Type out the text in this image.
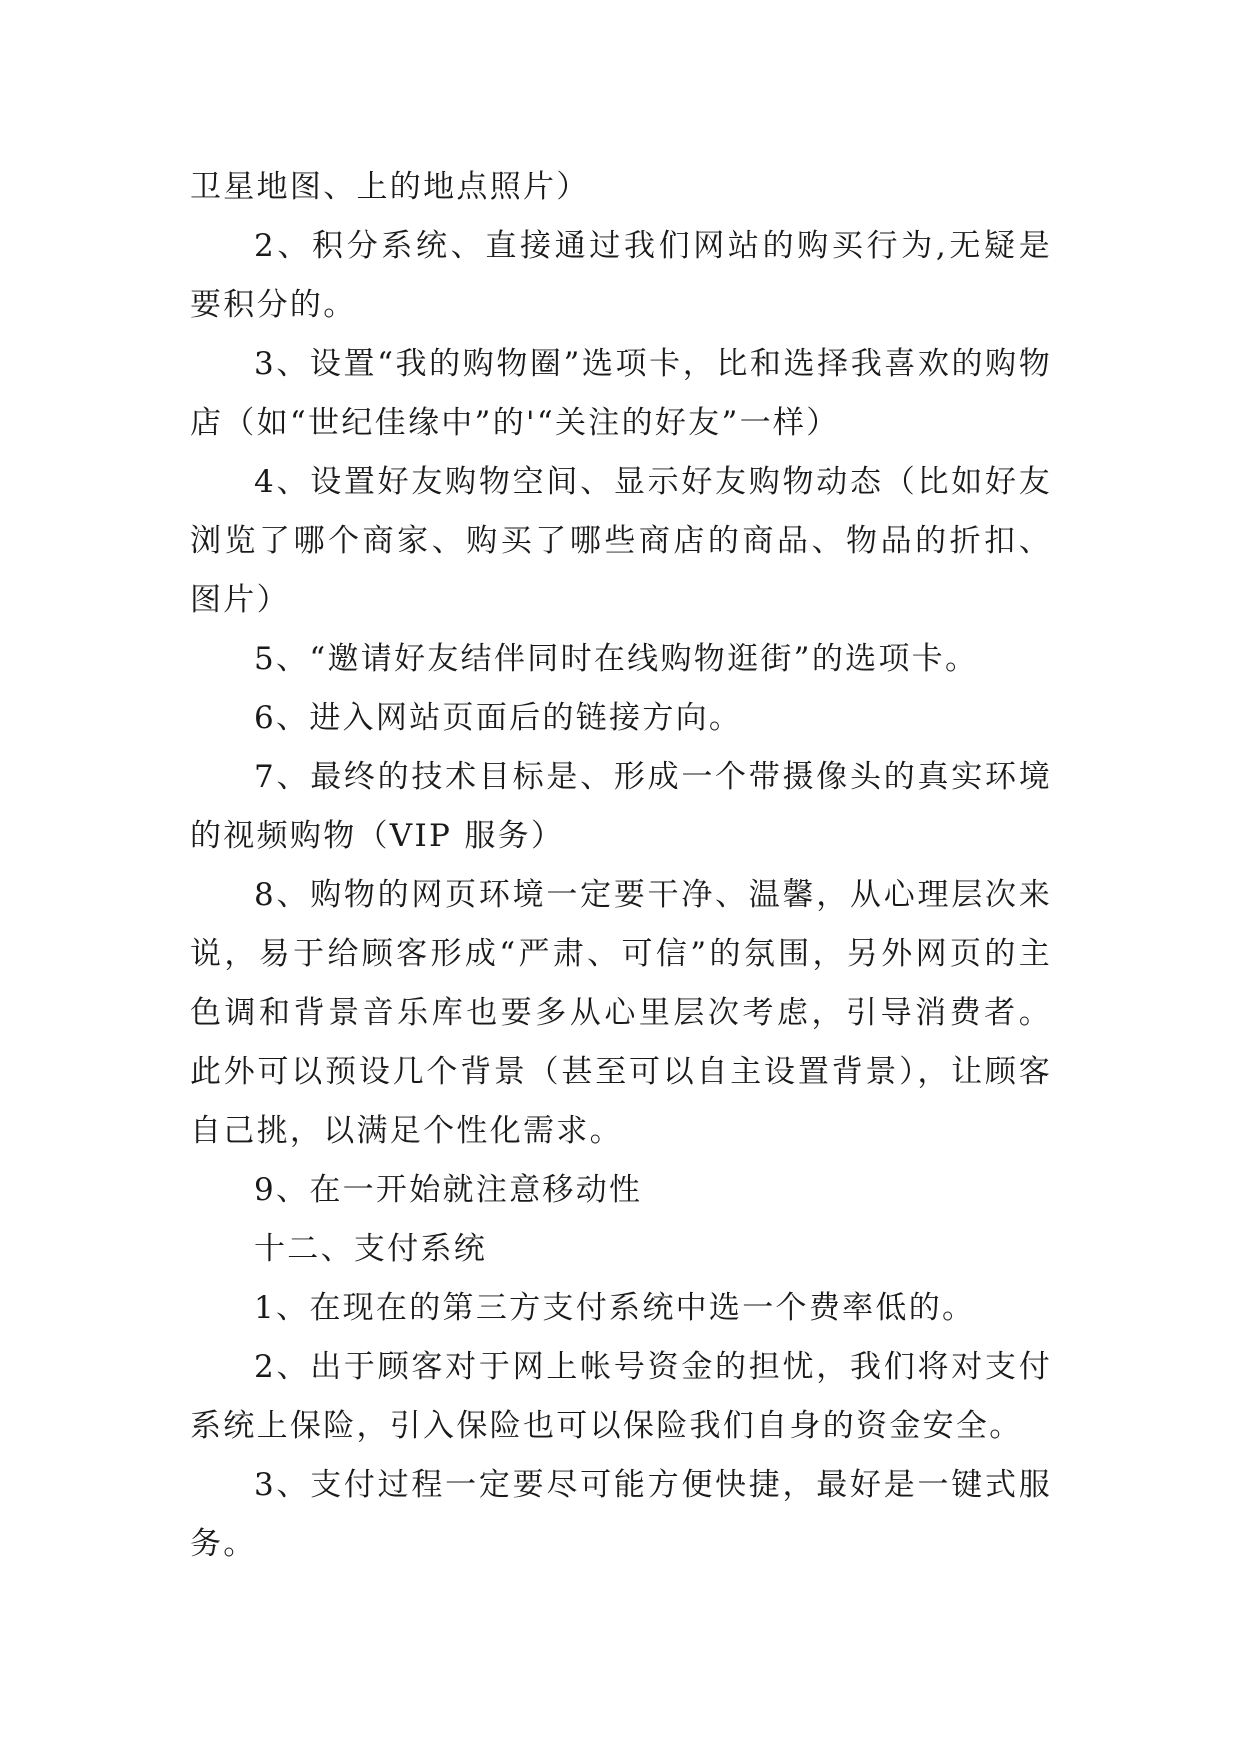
卫星地图、上的地点照片）

2、积分系统、直接通过我们网站的购买行为,无疑是要积分的。

3、设置“我的购物圈”选项卡，比和选择我喜欢的购物店（如“世纪佳缘中”的'“关注的好友”一样）

4、设置好友购物空间、显示好友购物动态（比如好友浏览了哪个商家、购买了哪些商店的商品、物品的折扣、图片）

5、“邀请好友结伴同时在线购物逛街”的选项卡。

6、进入网站页面后的链接方向。

7、最终的技术目标是、形成一个带摄像头的真实环境的视频购物（VIP 服务）

8、购物的网页环境一定要干净、温馨，从心理层次来说，易于给顾客形成“严肃、可信”的氛围，另外网页的主色调和背景音乐库也要多从心里层次考虑，引导消费者。此外可以预设几个背景（甚至可以自主设置背景），让顾客自己挑，以满足个性化需求。

9、在一开始就注意移动性

十二、支付系统

1、在现在的第三方支付系统中选一个费率低的。

2、出于顾客对于网上帐号资金的担忧，我们将对支付系统上保险，引入保险也可以保险我们自身的资金安全。

3、支付过程一定要尽可能方便快捷，最好是一键式服务。
